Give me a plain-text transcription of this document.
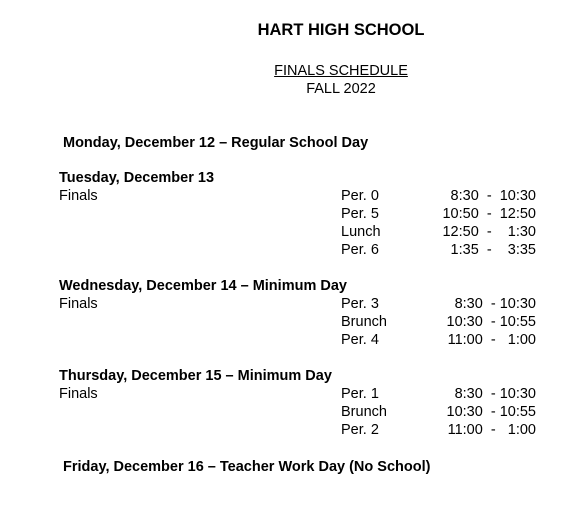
HART HIGH SCHOOL
FINALS SCHEDULE
FALL 2022
Monday, December 12 – Regular School Day
Tuesday, December 13
Finals	Per. 0	8:30  -  10:30
Per. 5	10:50  -  12:50
Lunch	12:50  -    1:30
Per. 6	1:35  -    3:35
Wednesday, December 14 – Minimum Day
Finals	Per. 3	8:30  - 10:30
Brunch	10:30  - 10:55
Per. 4	11:00  -   1:00
Thursday, December 15 – Minimum Day
Finals	Per. 1	8:30  - 10:30
Brunch	10:30  - 10:55
Per. 2	11:00  -   1:00
Friday, December 16 – Teacher Work Day (No School)
